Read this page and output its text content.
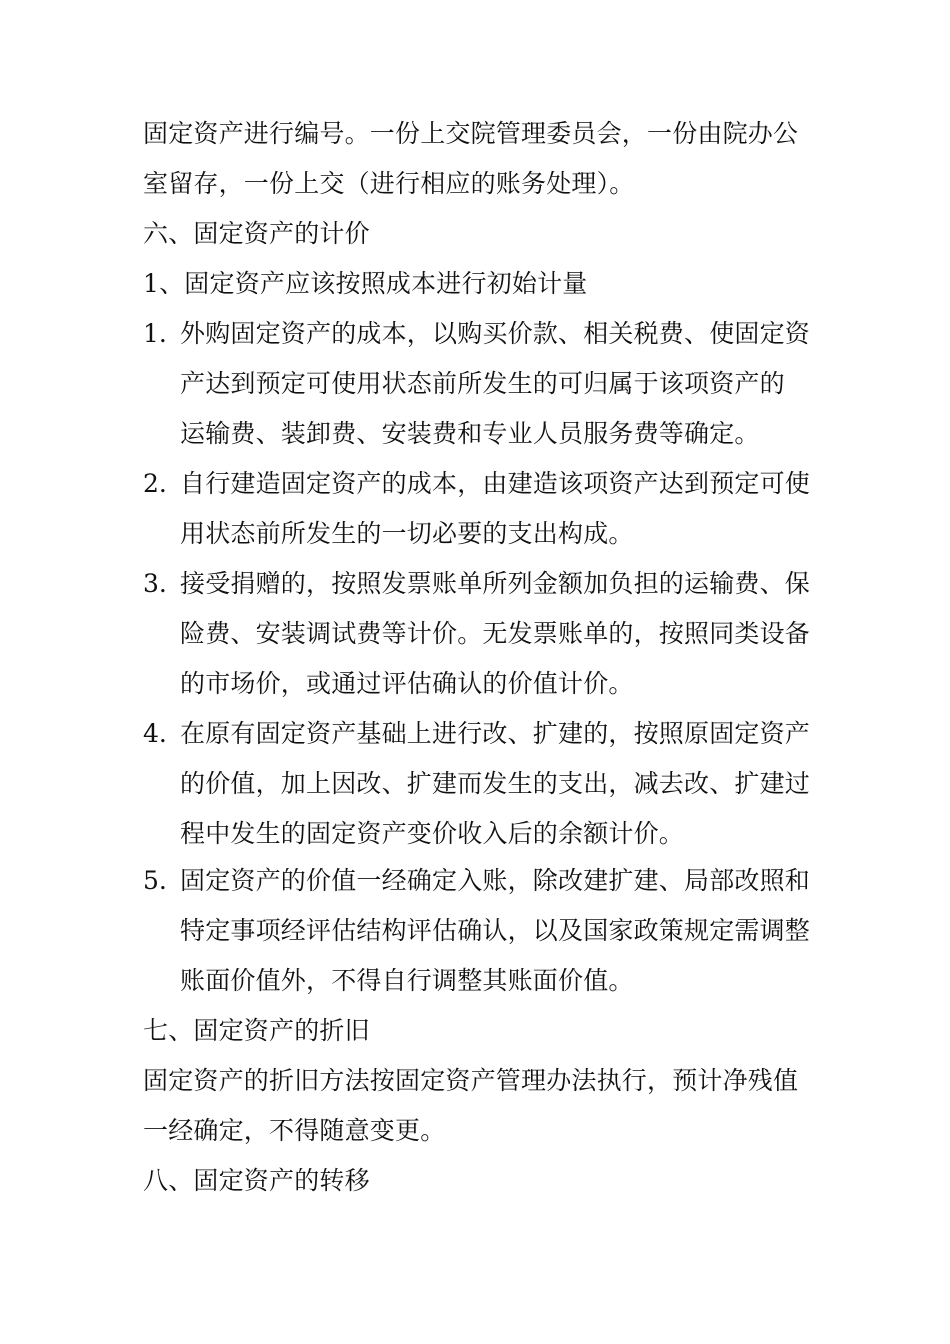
固定资产进行编号。一份上交院管理委员会，一份由院办公
室留存，一份上交（进行相应的账务处理）。
六、固定资产的计价
1、固定资产应该按照成本进行初始计量
1. 外购固定资产的成本，以购买价款、相关税费、使固定资
产达到预定可使用状态前所发生的可归属于该项资产的
运输费、装卸费、安装费和专业人员服务费等确定。
2. 自行建造固定资产的成本，由建造该项资产达到预定可使
用状态前所发生的一切必要的支出构成。
3. 接受捐赠的，按照发票账单所列金额加负担的运输费、保
险费、安装调试费等计价。无发票账单的，按照同类设备
的市场价，或通过评估确认的价值计价。
4. 在原有固定资产基础上进行改、扩建的，按照原固定资产
的价值，加上因改、扩建而发生的支出，减去改、扩建过
程中发生的固定资产变价收入后的余额计价。
5. 固定资产的价值一经确定入账，除改建扩建、局部改照和
特定事项经评估结构评估确认，以及国家政策规定需调整
账面价值外，不得自行调整其账面价值。
七、固定资产的折旧
固定资产的折旧方法按固定资产管理办法执行，预计净残值
一经确定，不得随意变更。
八、固定资产的转移
